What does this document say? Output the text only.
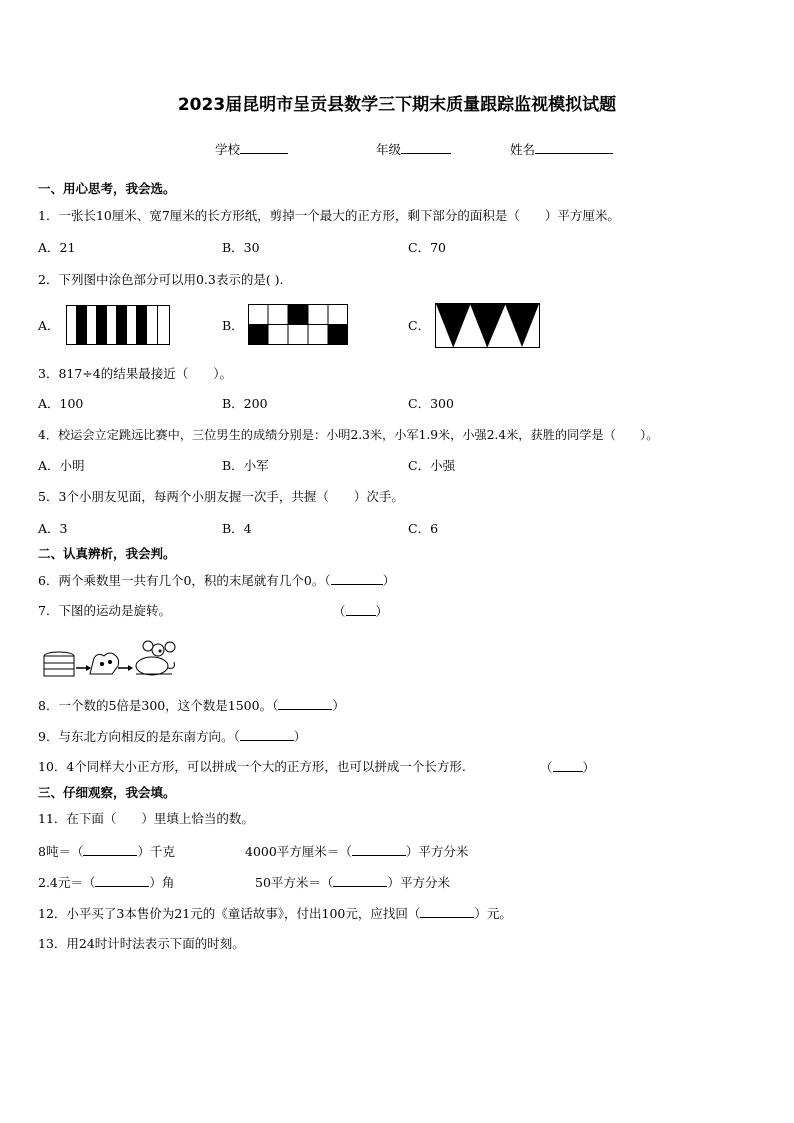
2023届昆明市呈贡县数学三下期末质量跟踪监视模拟试题
学校	年级	姓名
一、用心思考，我会选。
1．一张长10厘米、宽7厘米的长方形纸，剪掉一个最大的正方形，剩下部分的面积是（　　）平方厘米。
A．21	B．30	C．70
2．下列图中涂色部分可以用0.3表示的是( ).
A．	B．	C．
3．817÷4的结果最接近（　　）。
A．100	B．200	C．300
4．校运会立定跳远比赛中，三位男生的成绩分别是：小明2.3米，小军1.9米，小强2.4米，获胜的同学是（　　）。
A．小明	B．小军	C．小强
5．3个小朋友见面，每两个小朋友握一次手，共握（　　）次手。
A．3	B．4	C．6
二、认真辨析，我会判。
6．两个乘数里一共有几个0，积的末尾就有几个0。（	）
7．下图的运动是旋转。	（ ）
8．一个数的5倍是300，这个数是1500。（	）
9．与东北方向相反的是东南方向。（	）
10．4个同样大小正方形，可以拼成一个大的正方形，也可以拼成一个长方形.	（ ）
三、仔细观察，我会填。
11．在下面（　　）里填上恰当的数。
8吨＝（	）千克	4000平方厘米＝（	）平方分米
2.4元＝（	）角	50平方米＝（	）平方分米
12．小平买了3本售价为21元的《童话故事》，付出100元，应找回（	）元。
13．用24时计时法表示下面的时刻。
